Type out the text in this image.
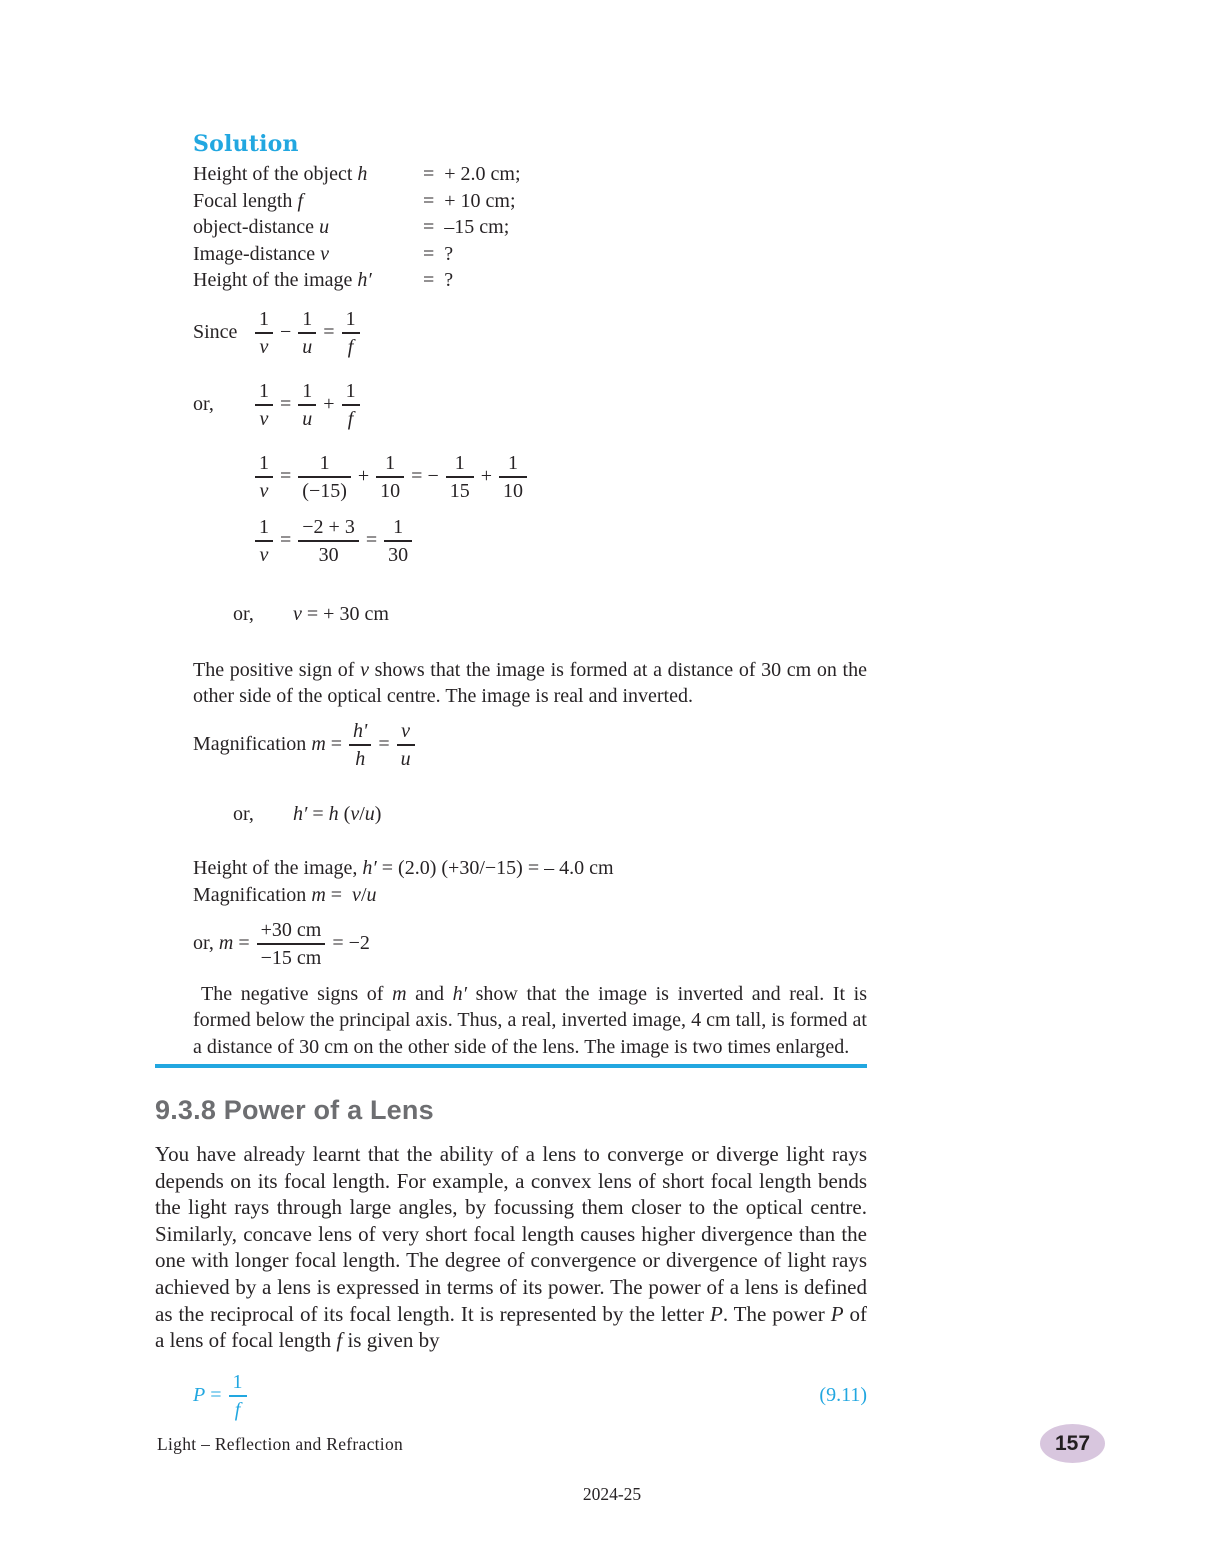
Solution
Height of the object h	=  + 2.0 cm;
Focal length f	=  + 10 cm;
object-distance u	=  –15 cm;
Image-distance v	=  ?
Height of the image h′	=  ?
Since $\frac{1}{v} - \frac{1}{u} = \frac{1}{f}$
or,	$\frac{1}{v} = \frac{1}{u} + \frac{1}{f}$
$\frac{1}{v} = \frac{1}{(-15)} + \frac{1}{10}$ = − $\frac{1}{15} + \frac{1}{10}$
$\frac{1}{v} = \frac{-2 + 3}{30} = \frac{1}{30}$

or, v = + 30 cm

The positive sign of v shows that the image is formed at a distance of 30 cm on the other side of the optical centre. The image is real and inverted.

Magnification $m = \frac{h'}{h} = \frac{v}{u}$

or, h′ = h (v/u)

Height of the image, h′ = (2.0) (+30/−15) = – 4.0 cm
Magnification m =  v/u
or, $m = \frac{+30 cm}{-15 cm} = -2$

The negative signs of m and h′ show that the image is inverted and real. It is formed below the principal axis. Thus, a real, inverted image, 4 cm tall, is formed at a distance of 30 cm on the other side of the lens. The image is two times enlarged.

9.3.8 Power of a Lens

You have already learnt that the ability of a lens to converge or diverge light rays depends on its focal length. For example, a convex lens of short focal length bends the light rays through large angles, by focussing them closer to the optical centre. Similarly, concave lens of very short focal length causes higher divergence than the one with longer focal length. The degree of convergence or divergence of light rays achieved by a lens is expressed in terms of its power. The power of a lens is defined as the reciprocal of its focal length. It is represented by the letter P. The power P of a lens of focal length f is given by

$P = \frac{1}{f}$	(9.11)
Light – Reflection and Refraction	157
2024-25
